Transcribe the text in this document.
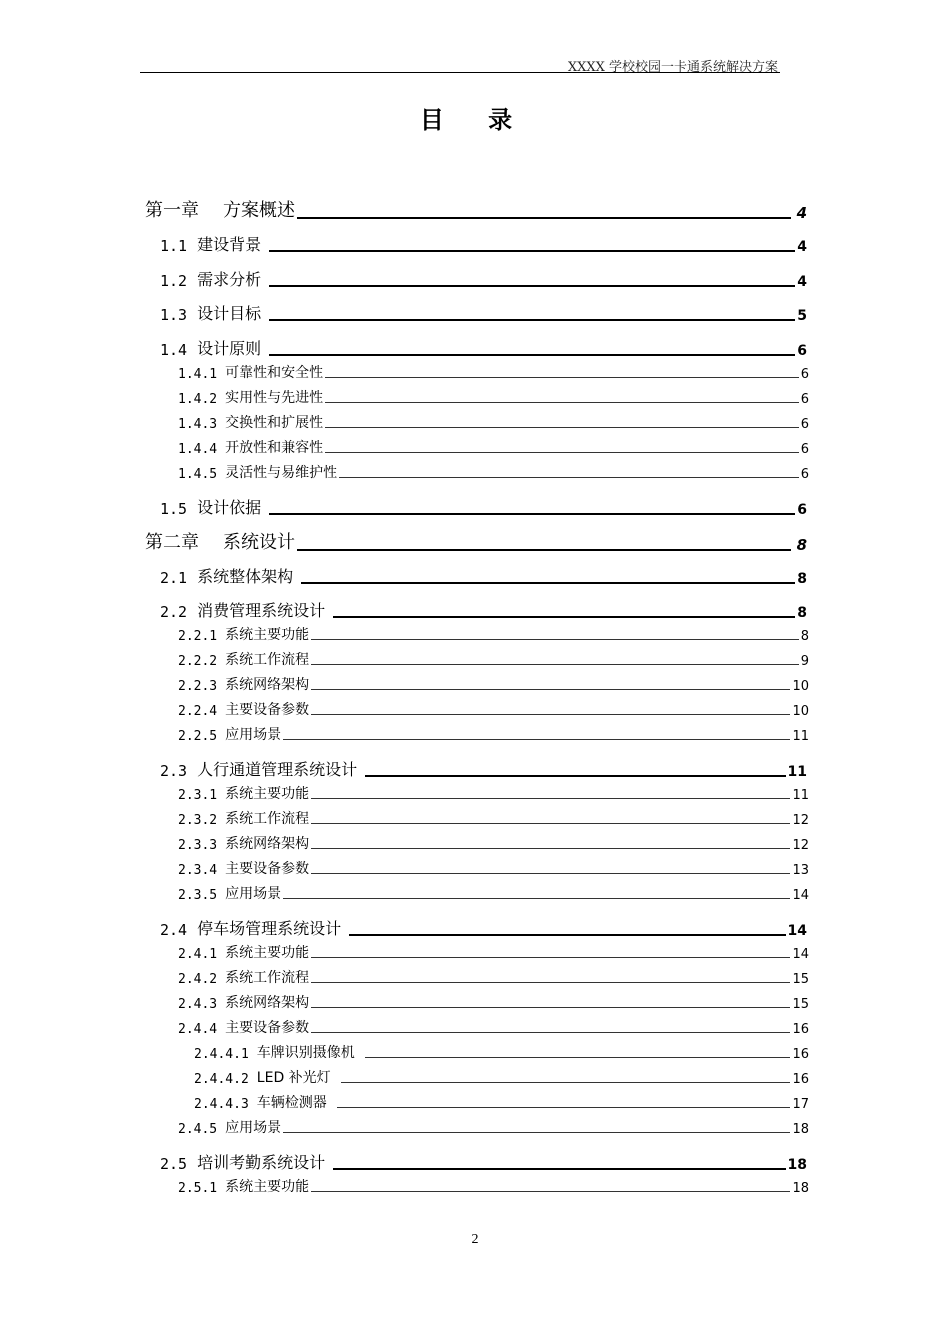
XXXX 学校校园一卡通系统解决方案
目 录
第一章	方案概述	4
1.1 建设背景	4
1.2 需求分析	4
1.3 设计目标	5
1.4 设计原则	6
1.4.1 可靠性和安全性	6
1.4.2 实用性与先进性	6
1.4.3 交换性和扩展性	6
1.4.4 开放性和兼容性	6
1.4.5 灵活性与易维护性	6
1.5 设计依据	6
第二章	系统设计	8
2.1 系统整体架构	8
2.2 消费管理系统设计	8
2.2.1 系统主要功能	8
2.2.2 系统工作流程	9
2.2.3 系统网络架构	10
2.2.4 主要设备参数	10
2.2.5 应用场景	11
2.3 人行通道管理系统设计	11
2.3.1 系统主要功能	11
2.3.2 系统工作流程	12
2.3.3 系统网络架构	12
2.3.4 主要设备参数	13
2.3.5 应用场景	14
2.4 停车场管理系统设计	14
2.4.1 系统主要功能	14
2.4.2 系统工作流程	15
2.4.3 系统网络架构	15
2.4.4 主要设备参数	16
2.4.4.1 车牌识别摄像机	16
2.4.4.2 LED 补光灯	16
2.4.4.3 车辆检测器	17
2.4.5 应用场景	18
2.5 培训考勤系统设计	18
2.5.1 系统主要功能	18
2
